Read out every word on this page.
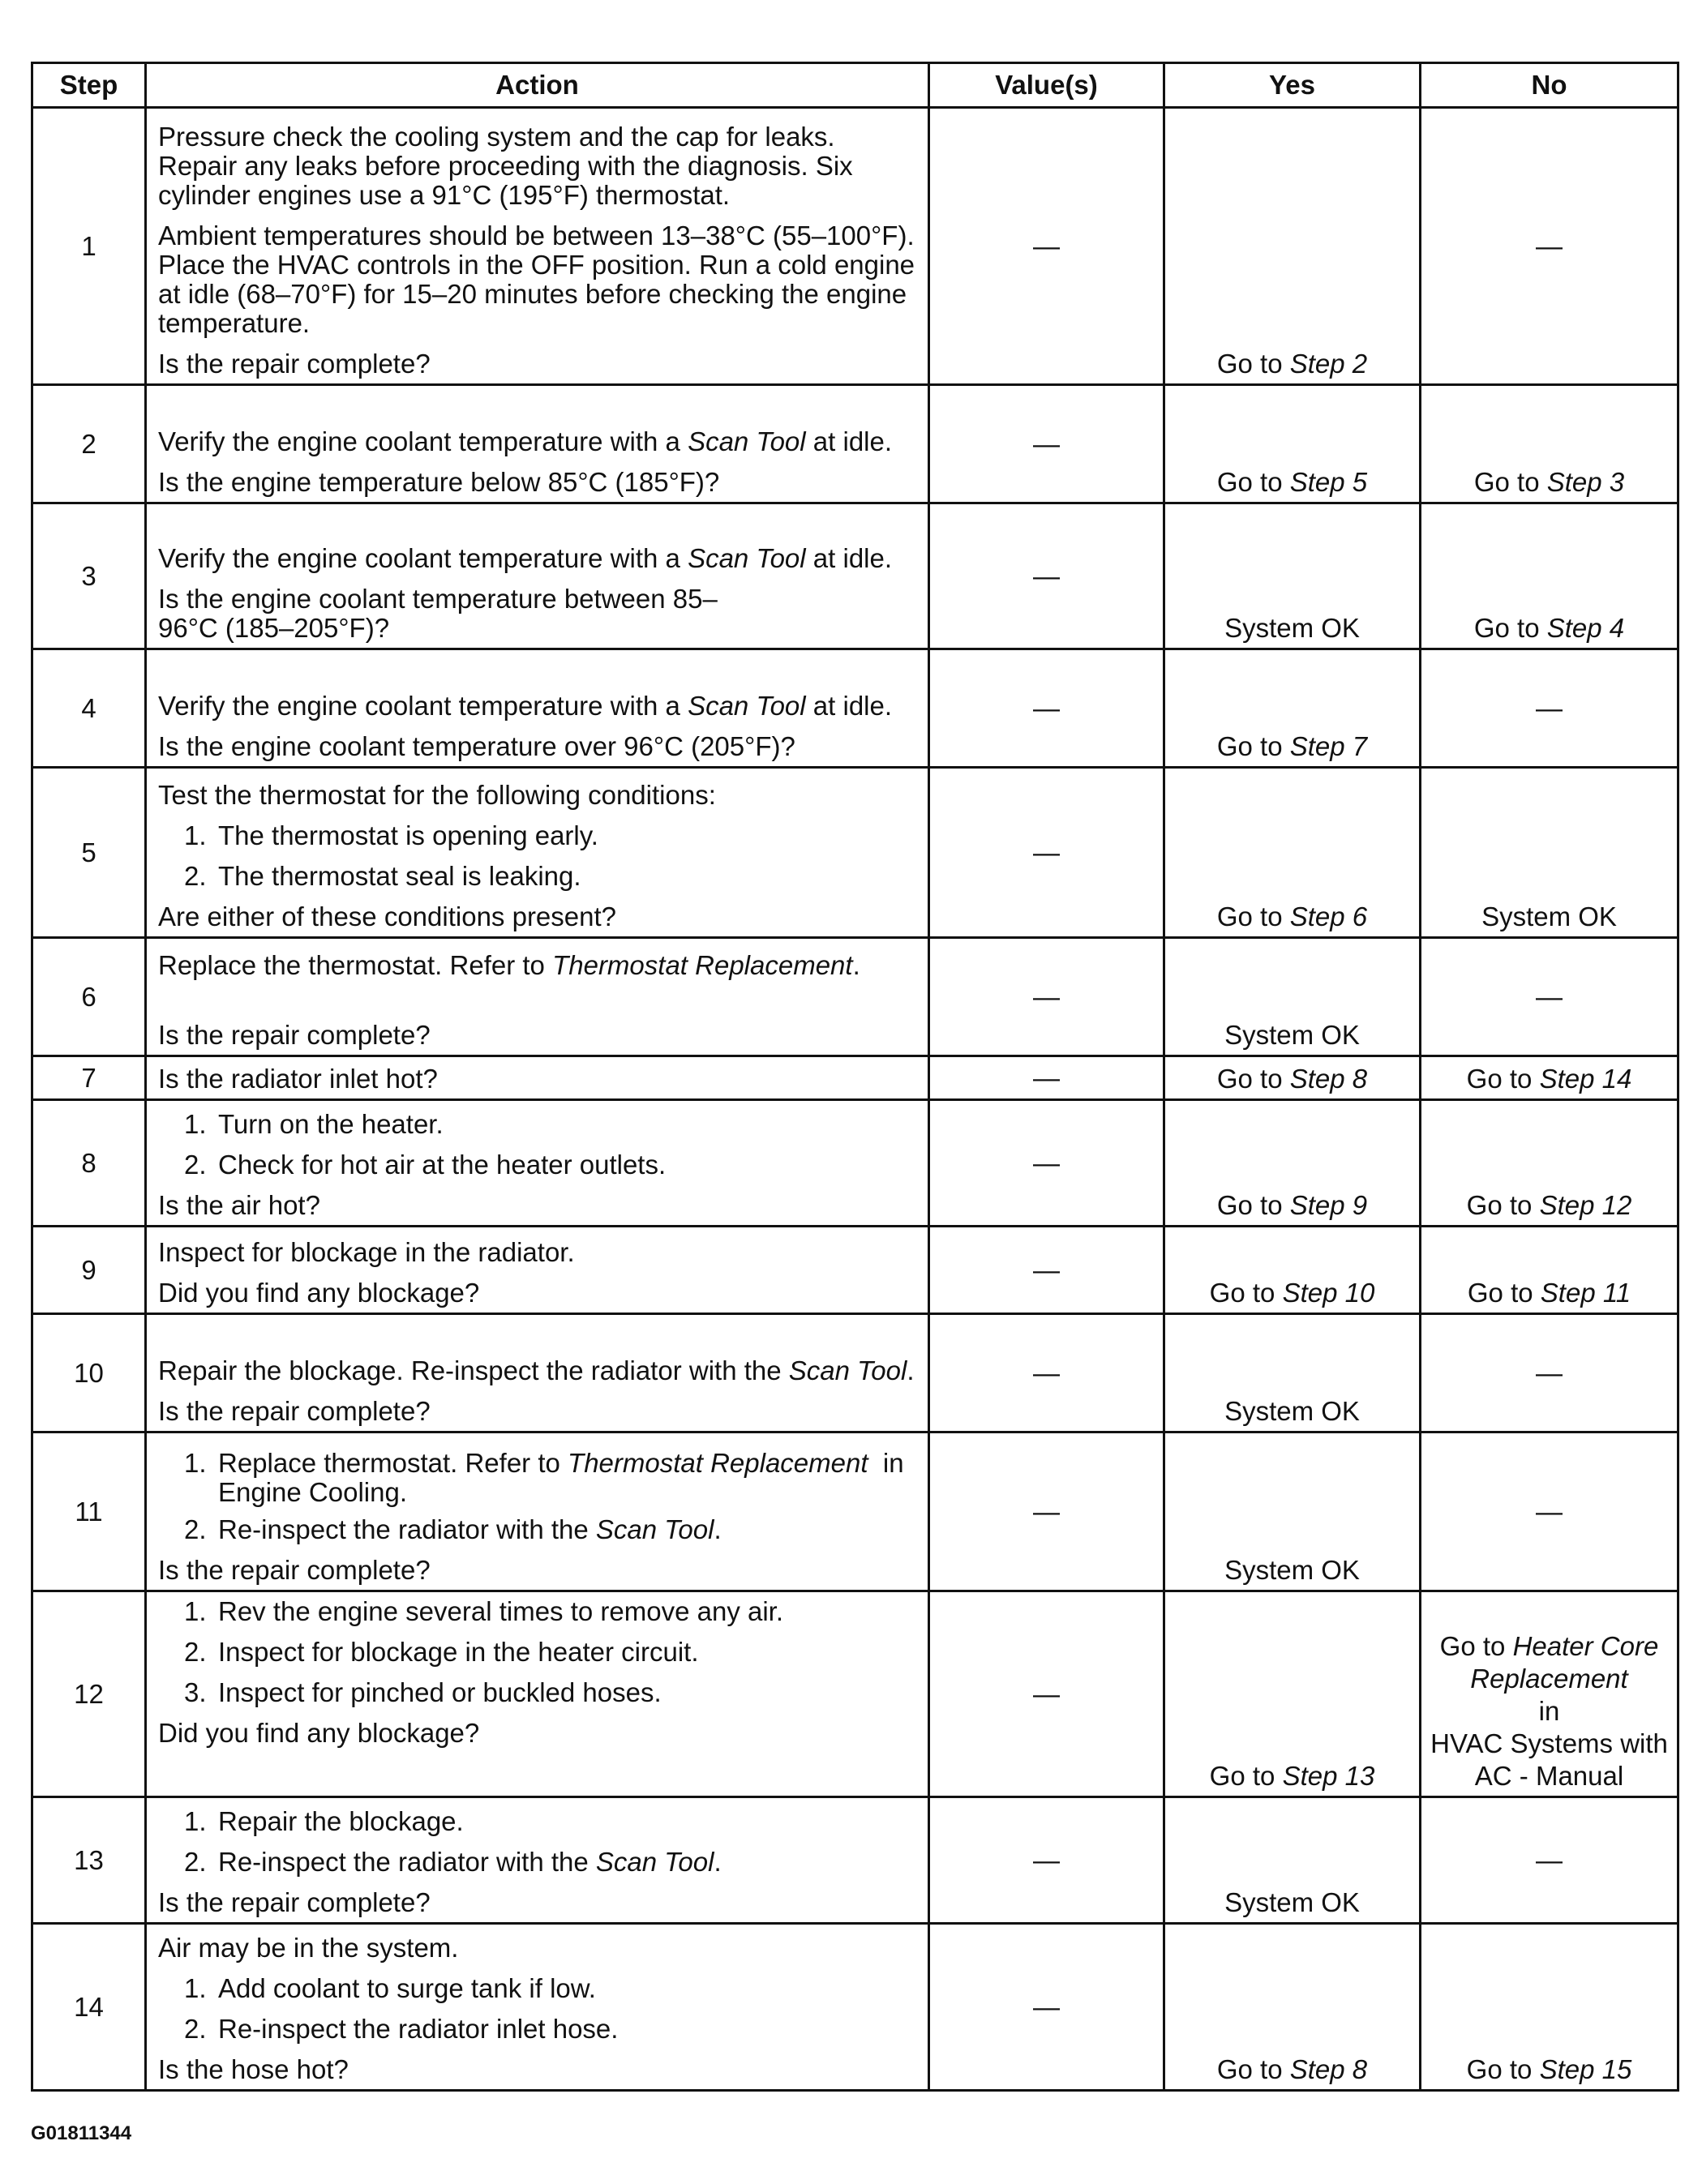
Step	Action	Value(s)	Yes	No
1	Pressure check the cooling system and the cap for leaks. Repair any leaks before proceeding with the diagnosis. Six cylinder engines use a 91°C (195°F) thermostat.
Ambient temperatures should be between 13–38°C (55–100°F). Place the HVAC controls in the OFF position. Run a cold engine at idle (68–70°F) for 15–20 minutes before checking the engine temperature.
Is the repair complete?	—	Go to Step 2	—
2	Verify the engine coolant temperature with a Scan Tool at idle.
Is the engine temperature below 85°C (185°F)?	—	Go to Step 5	Go to Step 3
3	Verify the engine coolant temperature with a Scan Tool at idle.
Is the engine coolant temperature between 85–96°C (185–205°F)?	—	System OK	Go to Step 4
4	Verify the engine coolant temperature with a Scan Tool at idle.
Is the engine coolant temperature over 96°C (205°F)?	—	Go to Step 7	—
5	Test the thermostat for the following conditions:
1. The thermostat is opening early.
2. The thermostat seal is leaking.
Are either of these conditions present?	—	Go to Step 6	System OK
6	Replace the thermostat. Refer to Thermostat Replacement.
Is the repair complete?	—	System OK	—
7	Is the radiator inlet hot?	—	Go to Step 8	Go to Step 14
8	1. Turn on the heater.
2. Check for hot air at the heater outlets.
Is the air hot?	—	Go to Step 9	Go to Step 12
9	Inspect for blockage in the radiator.
Did you find any blockage?	—	Go to Step 10	Go to Step 11
10	Repair the blockage. Re-inspect the radiator with the Scan Tool.
Is the repair complete?	—	System OK	—
11	1. Replace thermostat. Refer to Thermostat Replacement  in Engine Cooling.
2. Re-inspect the radiator with the Scan Tool.
Is the repair complete?	—	System OK	—
12	1. Rev the engine several times to remove any air.
2. Inspect for blockage in the heater circuit.
3. Inspect for pinched or buckled hoses.
Did you find any blockage?	—	Go to Step 13	Go to Heater Core Replacement
in
HVAC Systems with AC - Manual
13	1. Repair the blockage.
2. Re-inspect the radiator with the Scan Tool.
Is the repair complete?	—	System OK	—
14	Air may be in the system.
1. Add coolant to surge tank if low.
2. Re-inspect the radiator inlet hose.
Is the hose hot?	—	Go to Step 8	Go to Step 15
G01811344
